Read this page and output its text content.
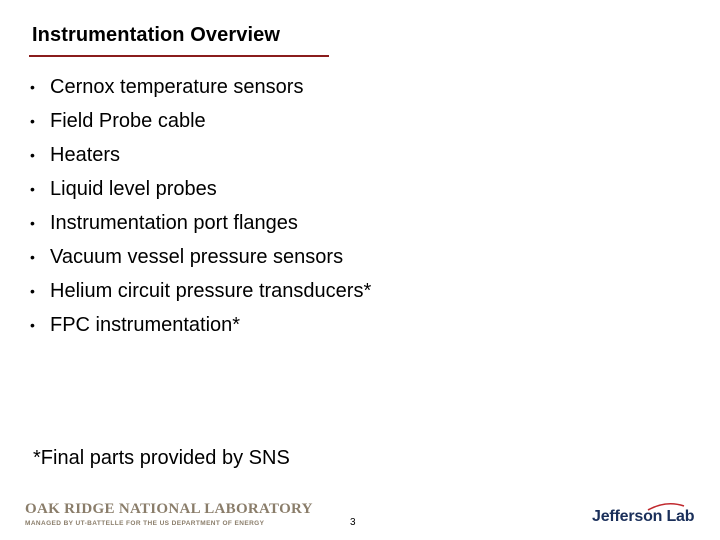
Instrumentation Overview
• Cernox temperature sensors
• Field Probe cable
• Heaters
• Liquid level probes
• Instrumentation port flanges
• Vacuum vessel pressure sensors
• Helium circuit pressure transducers*
• FPC instrumentation*

*Final parts provided by SNS

OAK RIDGE NATIONAL LABORATORY
MANAGED BY UT-BATTELLE FOR THE US DEPARTMENT OF ENERGY	3	Jefferson Lab
